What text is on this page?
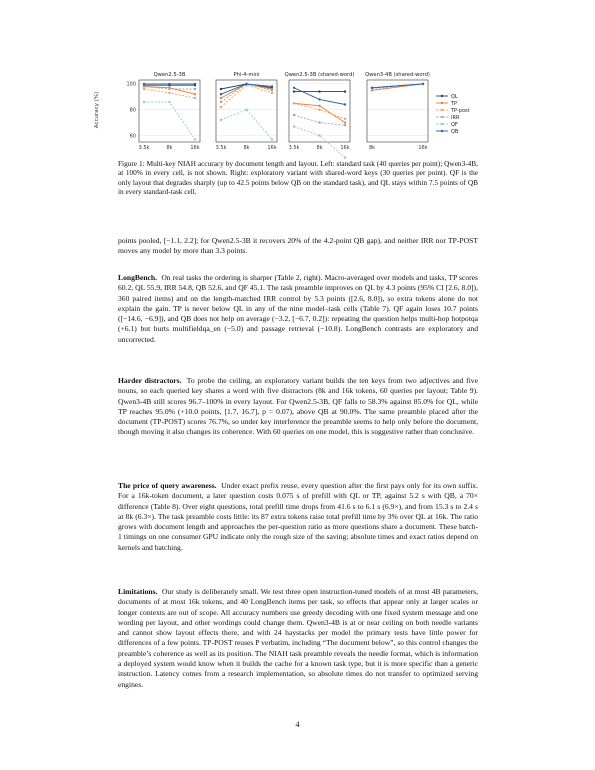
Accuracy (%)
Qwen2.5-3B
3.5k	8k	16k
100
80
60
Phi-4-mini
3.5k	8k	16k
Qwen2.5-3B (shared-word)
3.5k	8k	16k
Qwen3-4B (shared-word)
8k	16k
QL
TP
TP-post
IRR
QF
QB
Figure 1: Multi-key NIAH accuracy by document length and layout. Left: standard task (40 queries per point); Qwen3-4B, at 100% in every cell, is not shown. Right: exploratory variant with shared-word keys (30 queries per point). QF is the only layout that degrades sharply (up to 42.5 points below QB on the standard task), and QL stays within 7.5 points of QB in every standard-task cell.
points pooled, [−1.1, 2.2]; for Qwen2.5-3B it recovers 20% of the 4.2-point QB gap), and neither IRR nor TP-POST moves any model by more than 3.3 points.
LongBench. On real tasks the ordering is sharper (Table 2, right). Macro-averaged over models and tasks, TP scores 60.2, QL 55.9, IRR 54.8, QB 52.6, and QF 45.1. The task preamble improves on QL by 4.3 points (95% CI [2.6, 8.0]), 360 paired items) and on the length-matched IRR control by 5.3 points ([2.6, 8.0]), so extra tokens alone do not explain the gain. TP is never below QL in any of the nine model–task cells (Table 7). QF again loses 10.7 points ([−14.6, −6.9]), and QB does not help on average (−3.2, [−6.7, 0.2]): repeating the question helps multi-hop hotpotqa (+6.1) but hurts multifieldqa_en (−5.0) and passage retrieval (−10.8). LongBench contrasts are exploratory and uncorrected.
Harder distractors. To probe the ceiling, an exploratory variant builds the ten keys from two adjectives and five nouns, so each queried key shares a word with five distractors (8k and 16k tokens, 60 queries per layout; Table 9). Qwen3-4B still scores 96.7–100% in every layout. For Qwen2.5-3B, QF falls to 58.3% against 85.0% for QL, while TP reaches 95.0% (+10.0 points, [1.7, 16.7], p = 0.07), above QB at 90.0%. The same preamble placed after the document (TP-POST) scores 76.7%, so under key interference the preamble seems to help only before the document, though moving it also changes its coherence. With 60 queries on one model, this is suggestive rather than conclusive.
The price of query awareness. Under exact prefix reuse, every question after the first pays only for its own suffix. For a 16k-token document, a later question costs 0.075 s of prefill with QL or TP, against 5.2 s with QB, a 70× difference (Table 8). Over eight questions, total prefill time drops from 41.6 s to 6.1 s (6.9×), and from 15.3 s to 2.4 s at 8k (6.3×). The task preamble costs little: its 87 extra tokens raise total prefill time by 3% over QL at 16k. The ratio grows with document length and approaches the per-question ratio as more questions share a document. These batch-1 timings on one consumer GPU indicate only the rough size of the saving; absolute times and exact ratios depend on kernels and batching.
Limitations. Our study is deliberately small. We test three open instruction-tuned models of at most 4B parameters, documents of at most 16k tokens, and 40 LongBench items per task, so effects that appear only at larger scales or longer contexts are out of scope. All accuracy numbers use greedy decoding with one fixed system message and one wording per layout, and other wordings could change them. Qwen3-4B is at or near ceiling on both needle variants and cannot show layout effects there, and with 24 haystacks per model the primary tests have little power for differences of a few points. TP-POST reuses P verbatim, including “The document below”, so this control changes the preamble’s coherence as well as its position. The NIAH task preamble reveals the needle format, which is information a deployed system would know when it builds the cache for a known task type, but it is more specific than a generic instruction. Latency comes from a research implementation, so absolute times do not transfer to optimized serving engines.
4
